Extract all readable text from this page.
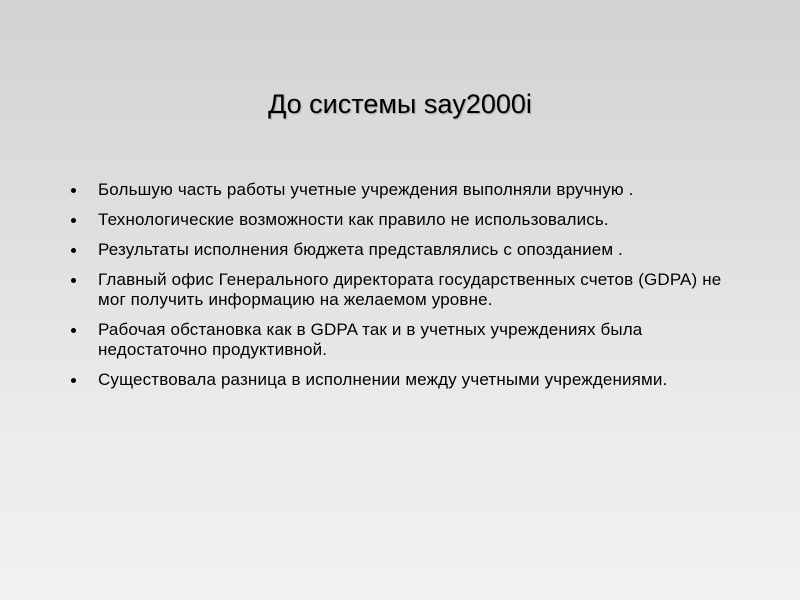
До системы say2000i
Большую часть работы учетные учреждения выполняли вручную .
Технологические возможности как правило не использовались.
Результаты исполнения бюджета представлялись с опозданием .
Главный офис Генерального директората государственных счетов (GDPA) не мог получить информацию на желаемом уровне.
Рабочая обстановка как в GDPA так и в учетных учреждениях была недостаточно продуктивной.
Существовала разница в исполнении между учетными учреждениями.
